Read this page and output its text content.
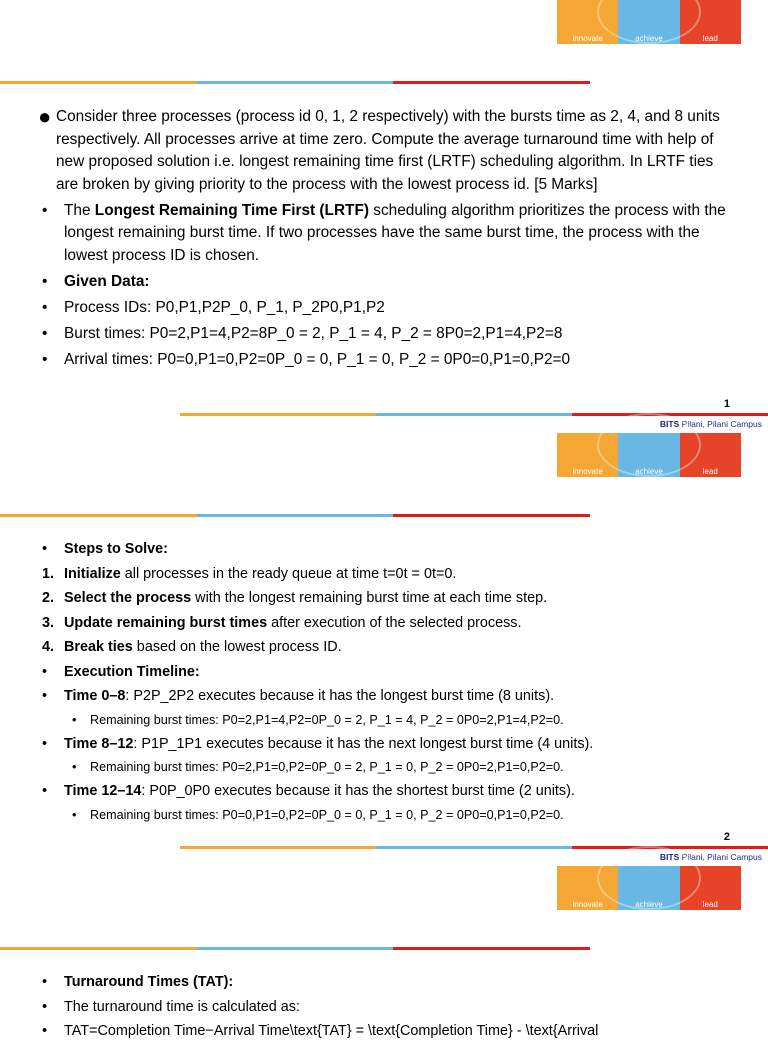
innovate	achieve	lead
● Consider three processes (process id 0, 1, 2 respectively) with the bursts time as 2, 4, and 8 units respectively. All processes arrive at time zero. Compute the average turnaround time with help of new proposed solution i.e. longest remaining time first (LRTF) scheduling algorithm. In LRTF ties are broken by giving priority to the process with the lowest process id. [5 Marks]
• The Longest Remaining Time First (LRTF) scheduling algorithm prioritizes the process with the longest remaining burst time. If two processes have the same burst time, the process with the lowest process ID is chosen.
• Given Data:
• Process IDs: P0,P1,P2P_0, P_1, P_2P0,P1,P2
• Burst times: P0=2,P1=4,P2=8P_0 = 2, P_1 = 4, P_2 = 8P0=2,P1=4,P2=8
• Arrival times: P0=0,P1=0,P2=0P_0 = 0, P_1 = 0, P_2 = 0P0=0,P1=0,P2=0
1
BITS Pilani, Pilani Campus
innovate	achieve	lead
• Steps to Solve:
1. Initialize all processes in the ready queue at time t=0t = 0t=0.
2. Select the process with the longest remaining burst time at each time step.
3. Update remaining burst times after execution of the selected process.
4. Break ties based on the lowest process ID.
• Execution Timeline:
• Time 0–8: P2P_2P2 executes because it has the longest burst time (8 units).
• Remaining burst times: P0=2,P1=4,P2=0P_0 = 2, P_1 = 4, P_2 = 0P0=2,P1=4,P2=0.
• Time 8–12: P1P_1P1 executes because it has the next longest burst time (4 units).
• Remaining burst times: P0=2,P1=0,P2=0P_0 = 2, P_1 = 0, P_2 = 0P0=2,P1=0,P2=0.
• Time 12–14: P0P_0P0 executes because it has the shortest burst time (2 units).
• Remaining burst times: P0=0,P1=0,P2=0P_0 = 0, P_1 = 0, P_2 = 0P0=0,P1=0,P2=0.
2
BITS Pilani, Pilani Campus
innovate	achieve	lead
• Turnaround Times (TAT):
• The turnaround time is calculated as:
• TAT=Completion Time−Arrival Time\text{TAT} = \text{Completion Time} - \text{Arrival
